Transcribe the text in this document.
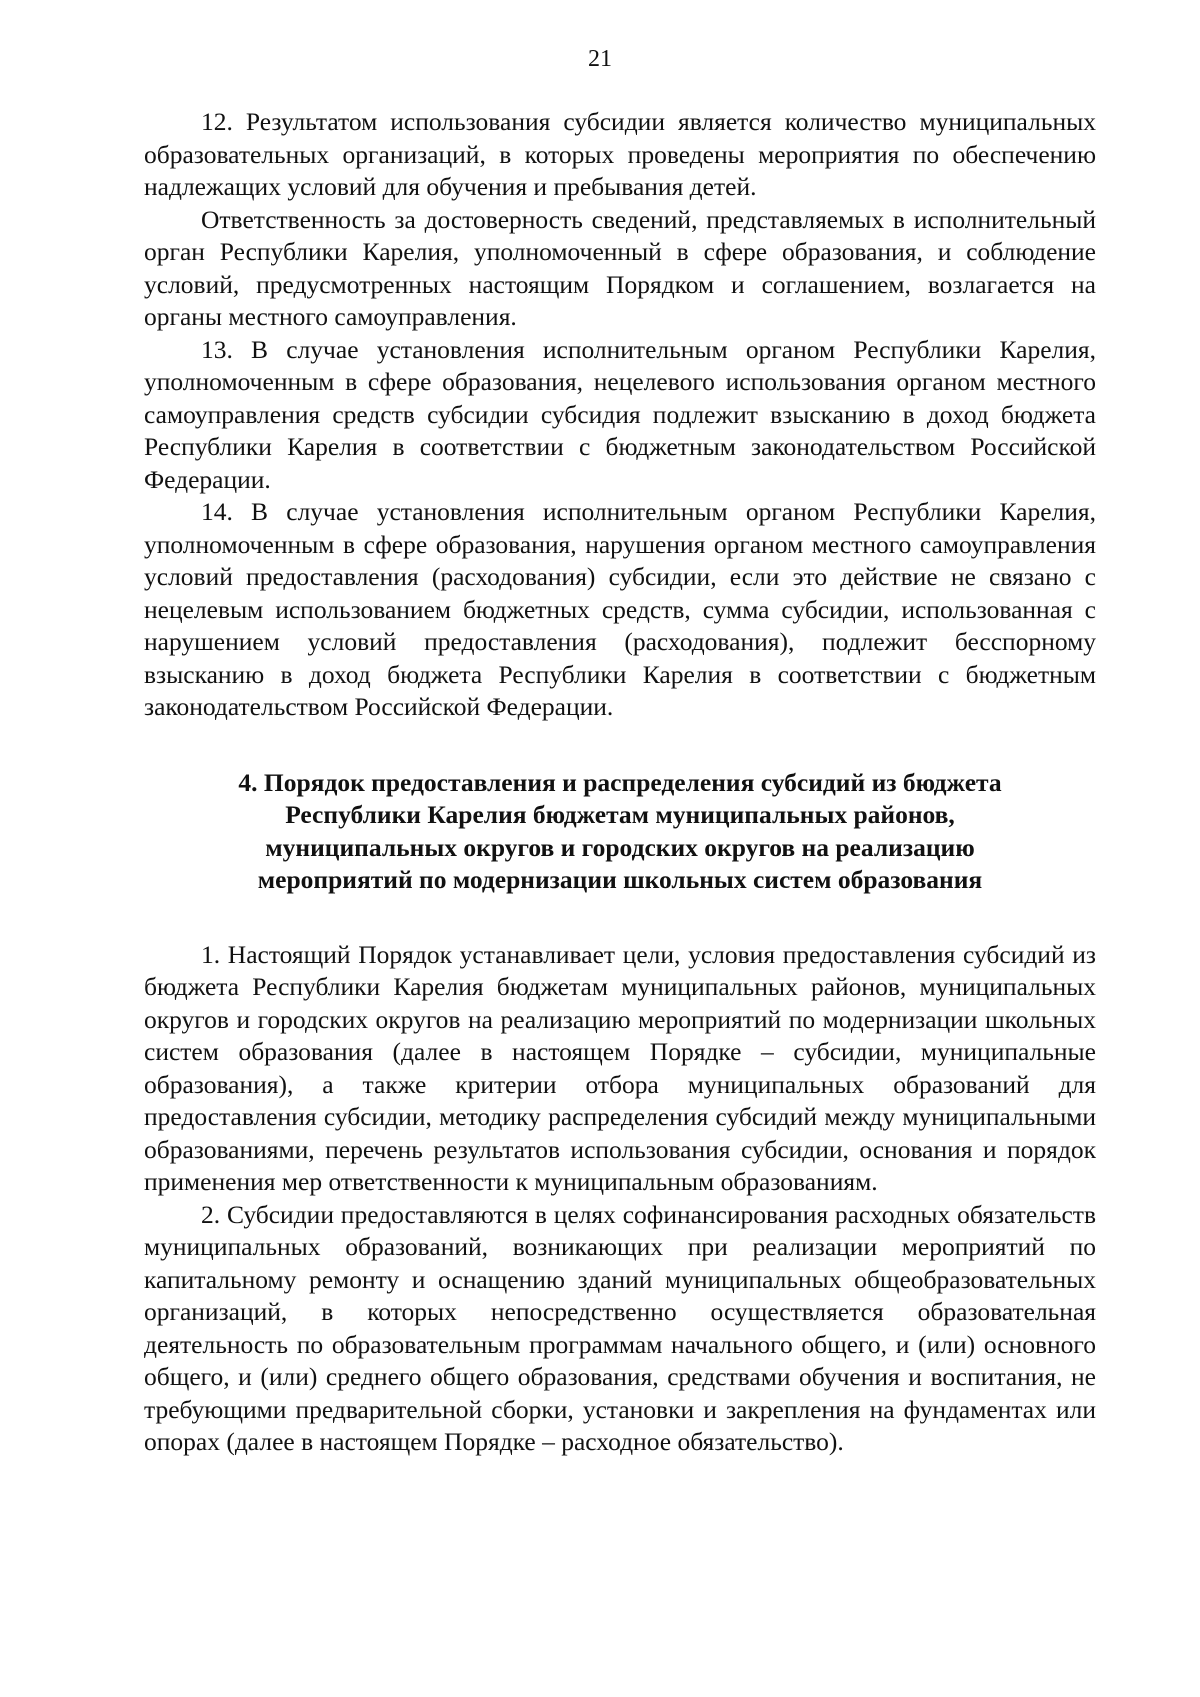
21

12. Результатом использования субсидии является количество муниципальных образовательных организаций, в которых проведены мероприятия по обеспечению надлежащих условий для обучения и пребывания детей.

Ответственность за достоверность сведений, представляемых в исполнительный орган Республики Карелия, уполномоченный в сфере образования, и соблюдение условий, предусмотренных настоящим Порядком и соглашением, возлагается на органы местного самоуправления.

13. В случае установления исполнительным органом Республики Карелия, уполномоченным в сфере образования, нецелевого использования органом местного самоуправления средств субсидии субсидия подлежит взысканию в доход бюджета Республики Карелия в соответствии с бюджетным законодательством Российской Федерации.

14. В случае установления исполнительным органом Республики Карелия, уполномоченным в сфере образования, нарушения органом местного самоуправления условий предоставления (расходования) субсидии, если это действие не связано с нецелевым использованием бюджетных средств, сумма субсидии, использованная с нарушением условий предоставления (расходования), подлежит бесспорному взысканию в доход бюджета Республики Карелия в соответствии с бюджетным законодательством Российской Федерации.

4. Порядок предоставления и распределения субсидий из бюджета
Республики Карелия бюджетам муниципальных районов,
муниципальных округов и городских округов на реализацию
мероприятий по модернизации школьных систем образования

1. Настоящий Порядок устанавливает цели, условия предоставления субсидий из бюджета Республики Карелия бюджетам муниципальных районов, муниципальных округов и городских округов на реализацию мероприятий по модернизации школьных систем образования (далее в настоящем Порядке – субсидии, муниципальные образования), а также критерии отбора муниципальных образований для предоставления субсидии, методику распределения субсидий между муниципальными образованиями, перечень результатов использования субсидии, основания и порядок применения мер ответственности к муниципальным образованиям.

2. Субсидии предоставляются в целях софинансирования расходных обязательств муниципальных образований, возникающих при реализации мероприятий по капитальному ремонту и оснащению зданий муниципальных общеобразовательных организаций, в которых непосредственно осуществляется образовательная деятельность по образовательным программам начального общего, и (или) основного общего, и (или) среднего общего образования, средствами обучения и воспитания, не требующими предварительной сборки, установки и закрепления на фундаментах или опорах (далее в настоящем Порядке – расходное обязательство).
